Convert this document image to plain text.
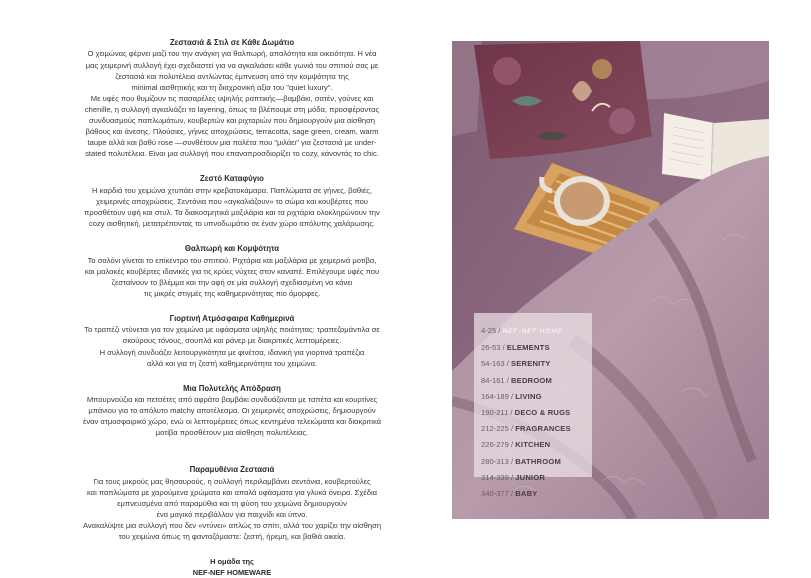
Ζεστασιά & Στιλ σε Κάθε Δωμάτιο

Ο χειμώνας φέρνει μαζί του την ανάγκη για θαλπωρή, απαλότητα και οικειότητα. Η νέα
μας χειμερινή συλλογή έχει σχεδιαστεί για να αγκαλιάσει κάθε γωνιά του σπιτιού σας με
ζεστασιά και πολυτέλεια αντλώντας έμπνευση από την κομψότητα της
minimal αισθητικής και τη διαχρονική αξία του "quiet luxury".
Με υφές που θυμίζουν τις πασαρέλες υψηλής ραπτικής—βαμβάκι, σατέν, γούνες και
chenille, η συλλογή αγκαλιάζει το layering, όπως το βλέπουμε στη μόδα, προσφέροντας
συνδυασμούς παπλωμάτων, κουβερτών και ριχταριών που δημιουργούν μια αίσθηση
βάθους και άνεσης. Πλούσιες, γήινες αποχρώσεις, terracotta, sage green, cream, warm
taupe αλλά και βαθύ rose —συνθέτουν μια παλέτα που "μιλάει" για ζεστασιά με under-
stated πολυτέλεια. Είναι μια συλλογή που επαναπροσδιορίζει το cozy, κάνοντάς το chic.

Ζεστό Καταφύγιο

Η καρδιά του χειμώνα χτυπάει στην κρεβατοκάμαρα. Παπλώματα σε γήινες, βαθιές,
χειμερινές αποχρώσεις. Σεντόνια που «αγκαλιάζουν» το σώμα και κουβέρτες που
προσθέτουν υφή και στυλ. Τα διακοσμητικά μαξιλάρια και τα ριχτάρια ολοκληρώνουν την
cozy αισθητική, μετατρέποντας το υπνοδωμάτιο σε έναν χώρο απόλυτης χαλάρωσης.

Θαλπωρή και Κομψότητα

Το σαλόνι γίνεται το επίκεντρο του σπιτιού. Ριχτάρια και μαξιλάρια με χειμερινά μοτίβα,
και μαλακές κουβέρτες ιδανικές για τις κρύες νύχτες στον καναπέ. Επιλέγουμε υφές που
ζεσταίνουν το βλέμμα και την αφή σε μία συλλογή σχεδιασμένη να κάνει
τις μικρές στιγμές της καθημερινότητας πιο όμορφες.

Γιορτινή Ατμόσφαιρα Καθημερινά

Το τραπέζι ντύνεται για τον χειμώνα με υφάσματα υψηλής ποιότητας: τραπεζομάντιλα σε
σκούρους τόνους, σουπλά και ράνερ με διακριτικές λεπτομέρειες.
Η συλλογή συνδυάζει λειτουργικότητα με φινέτσα, ιδανική για γιορτινά τραπέζια
αλλά και για τη ζεστή καθημερινότητα του χειμώνα.

Μια Πολυτελής Απόδραση

Μπουρνούζια και πετσέτες από αφράτο βαμβάκι συνδυάζονται με ταπέτα και κουρτίνες
μπάνιου για το απόλυτο matchy αποτέλεσμα. Οι χειμερινές αποχρώσεις, δημιουργούν
έναν ατμοσφαιρικό χώρο, ενώ οι λεπτομέρειες όπως κεντημένα τελειώματα και διακριτικά
μοτίβα προσθέτουν μια αίσθηση πολυτέλειας.

Παραμυθένια Ζεστασιά

Για τους μικρούς μας θησαυρούς, η συλλογή περιλαμβάνει σεντόνια, κουβερτούλες
και παπλώματα με χαρούμενα χρώματα και απαλά υφάσματα για γλυκά όνειρα. Σχέδια
εμπνευσμένα από παραμύθια και τη φύση του χειμώνα δημιουργούν
ένα μαγικό περιβάλλον για παιχνίδι και ύπνο.
Ανακαλύψτε μια συλλογή που δεν «ντύνει» απλώς το σπίτι, αλλά του χαρίζει την αίσθηση
του χειμώνα όπως τη φανταζόμαστε: ζεστή, ήρεμη, και βαθιά οικεία.

Η ομάδα της
NEF-NEF HOMEWARE
4-25 / NEF-NEF HOME
26-53 / ELEMENTS
54-163 / SERENITY
84-161 / BEDROOM
164-189 / LIVING
190-211 / DECO & RUGS
212-225 / FRAGRANCES
226-279 / KITCHEN
280-313 / BATHROOM
314-339 / JUNIOR
340-377 / BABY
